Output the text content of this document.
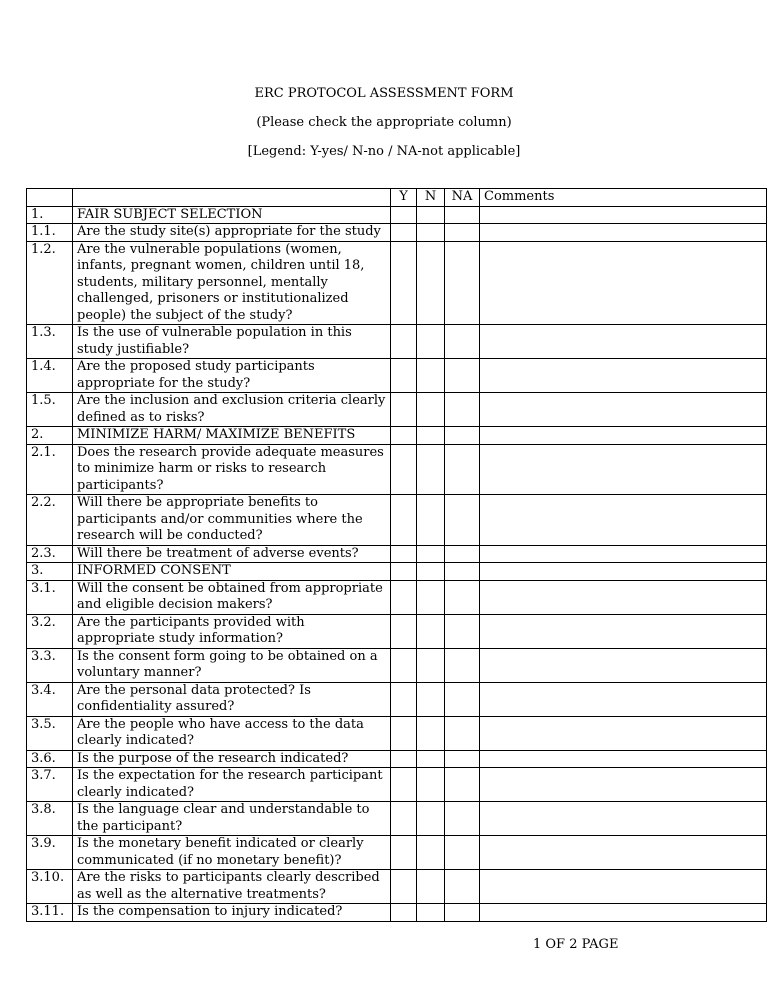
ERC PROTOCOL ASSESSMENT FORM
(Please check the appropriate column)
[Legend: Y-yes/ N-no / NA-not applicable]
		Y	N	NA	Comments
1.	FAIR SUBJECT SELECTION				
1.1.	Are the study site(s) appropriate for the study				
1.2.	Are the vulnerable populations (women, infants, pregnant women, children until 18, students, military personnel, mentally challenged, prisoners or institutionalized people) the subject of the study?				
1.3.	Is the use of vulnerable population in this study justifiable?				
1.4.	Are the proposed study participants appropriate for the study?				
1.5.	Are the inclusion and exclusion criteria clearly defined as to risks?				
2.	MINIMIZE HARM/ MAXIMIZE BENEFITS				
2.1.	Does the research provide adequate measures to minimize harm or risks to research participants?				
2.2.	Will there be appropriate benefits to participants and/or communities where the research will be conducted?				
2.3.	Will there be treatment of adverse events?				
3.	INFORMED CONSENT				
3.1.	Will the consent be obtained from appropriate and eligible decision makers?				
3.2.	Are the participants provided with appropriate study information?				
3.3.	Is the consent form going to be obtained on a voluntary manner?				
3.4.	Are the personal data protected? Is confidentiality assured?				
3.5.	Are the people who have access to the data clearly indicated?				
3.6.	Is the purpose of the research indicated?				
3.7.	Is the expectation for the research participant clearly indicated?				
3.8.	Is the language clear and understandable to the participant?				
3.9.	Is the monetary benefit indicated or clearly communicated (if no monetary benefit)?				
3.10.	Are the risks to participants clearly described as well as the alternative treatments?				
3.11.	Is the compensation to injury indicated?				
1 OF 2 PAGE
